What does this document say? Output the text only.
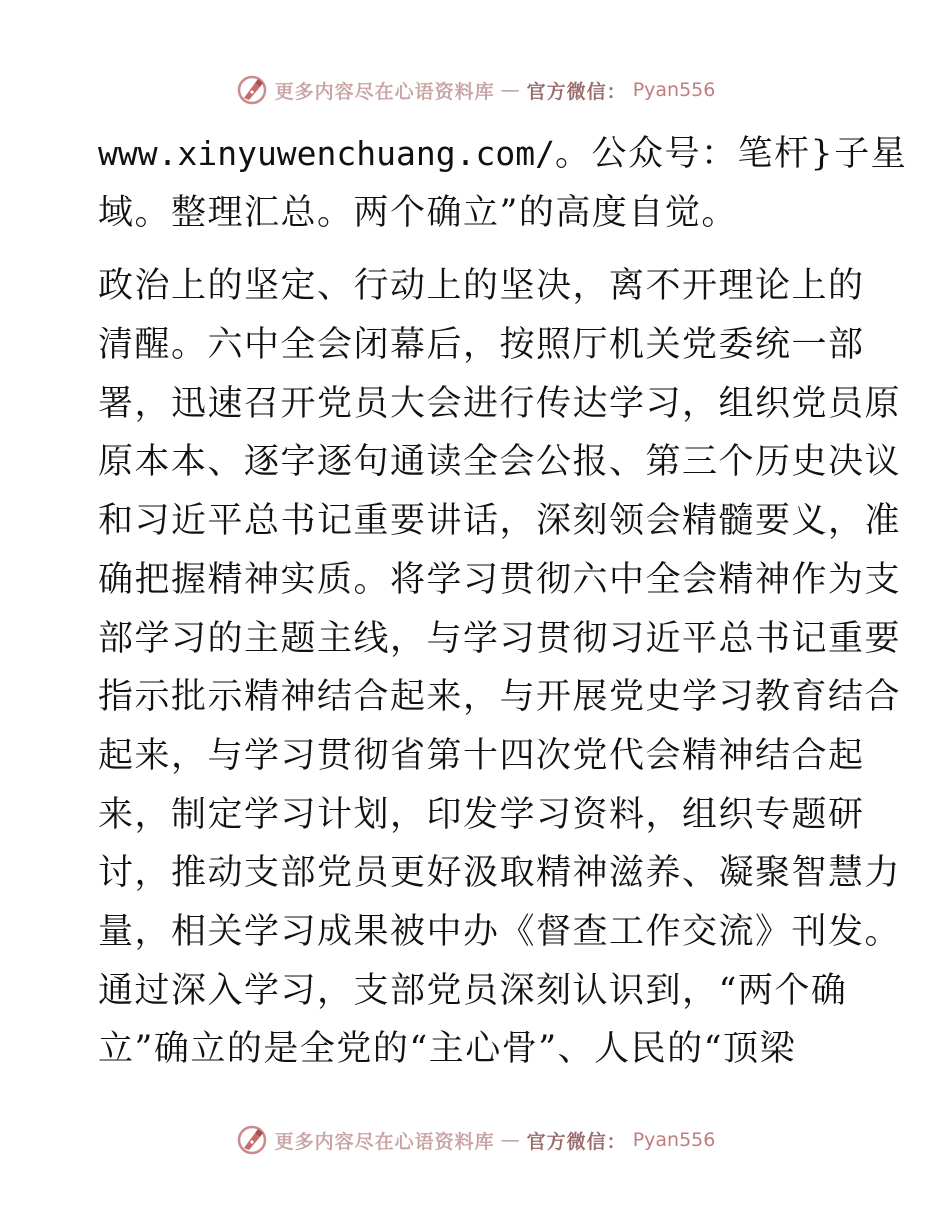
更多内容尽在心语资料库 — 官方微信： Pyan556
www.xinyuwenchuang.com/。公众号：笔杆}子星
域。整理汇总。两个确立”的高度自觉。
政治上的坚定、行动上的坚决，离不开理论上的
清醒。六中全会闭幕后，按照厅机关党委统一部
署，迅速召开党员大会进行传达学习，组织党员原
原本本、逐字逐句通读全会公报、第三个历史决议
和习近平总书记重要讲话，深刻领会精髓要义，准
确把握精神实质。将学习贯彻六中全会精神作为支
部学习的主题主线，与学习贯彻习近平总书记重要
指示批示精神结合起来，与开展党史学习教育结合
起来，与学习贯彻省第十四次党代会精神结合起
来，制定学习计划，印发学习资料，组织专题研
讨，推动支部党员更好汲取精神滋养、凝聚智慧力
量，相关学习成果被中办《督查工作交流》刊发。
通过深入学习，支部党员深刻认识到，“两个确
立”确立的是全党的“主心骨”、人民的“顶梁
更多内容尽在心语资料库 — 官方微信： Pyan556
